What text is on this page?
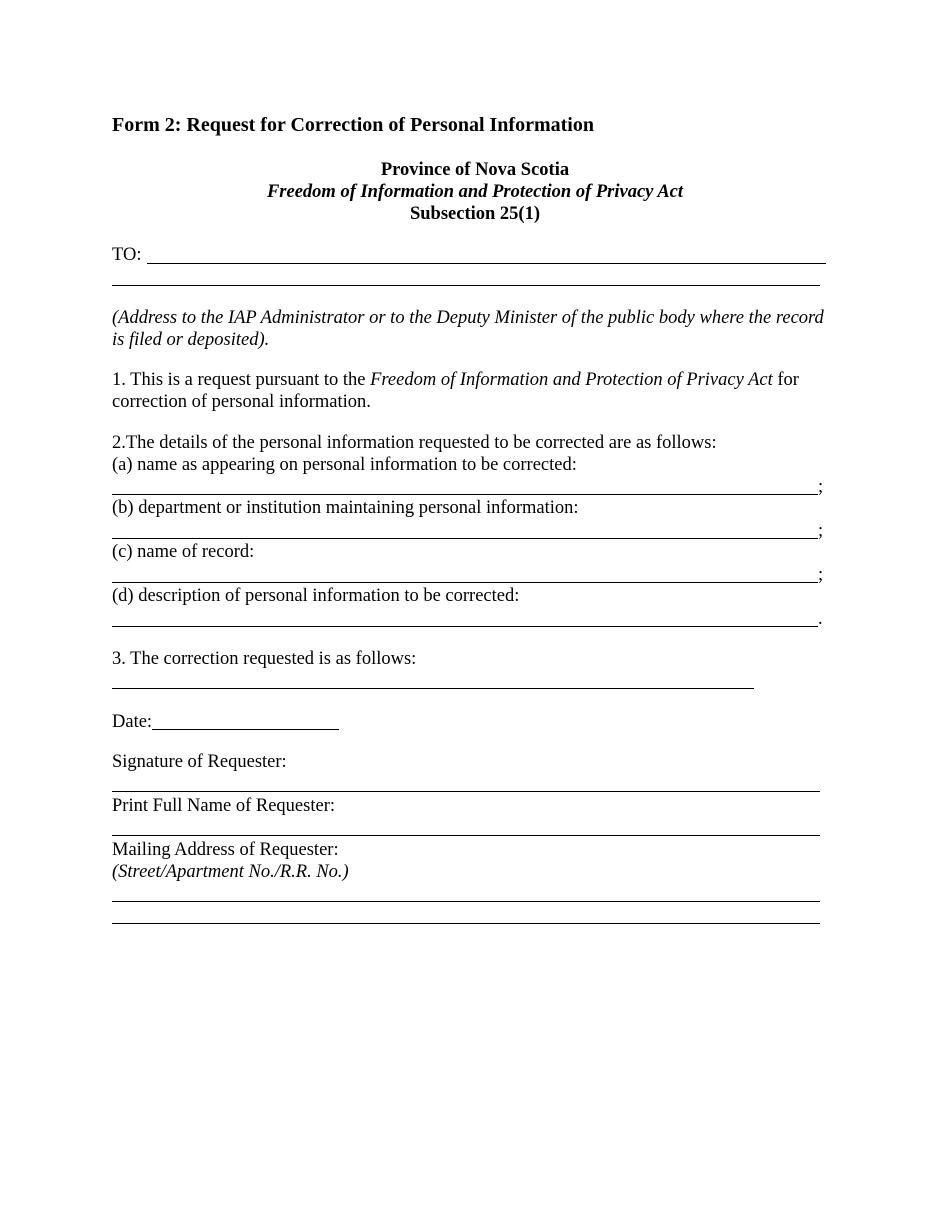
Form 2: Request for Correction of Personal Information
Province of Nova Scotia
Freedom of Information and Protection of Privacy Act
Subsection 25(1)
TO:
(Address to the IAP Administrator or to the Deputy Minister of the public body where the record
is filed or deposited).
1. This is a request pursuant to the Freedom of Information and Protection of Privacy Act for
correction of personal information.
2.The details of the personal information requested to be corrected are as follows:
(a) name as appearing on personal information to be corrected:
;
(b) department or institution maintaining personal information:
;
(c) name of record:
;
(d) description of personal information to be corrected:
.
3. The correction requested is as follows:
Date:
Signature of Requester:
Print Full Name of Requester:
Mailing Address of Requester:
(Street/Apartment No./R.R. No.)
